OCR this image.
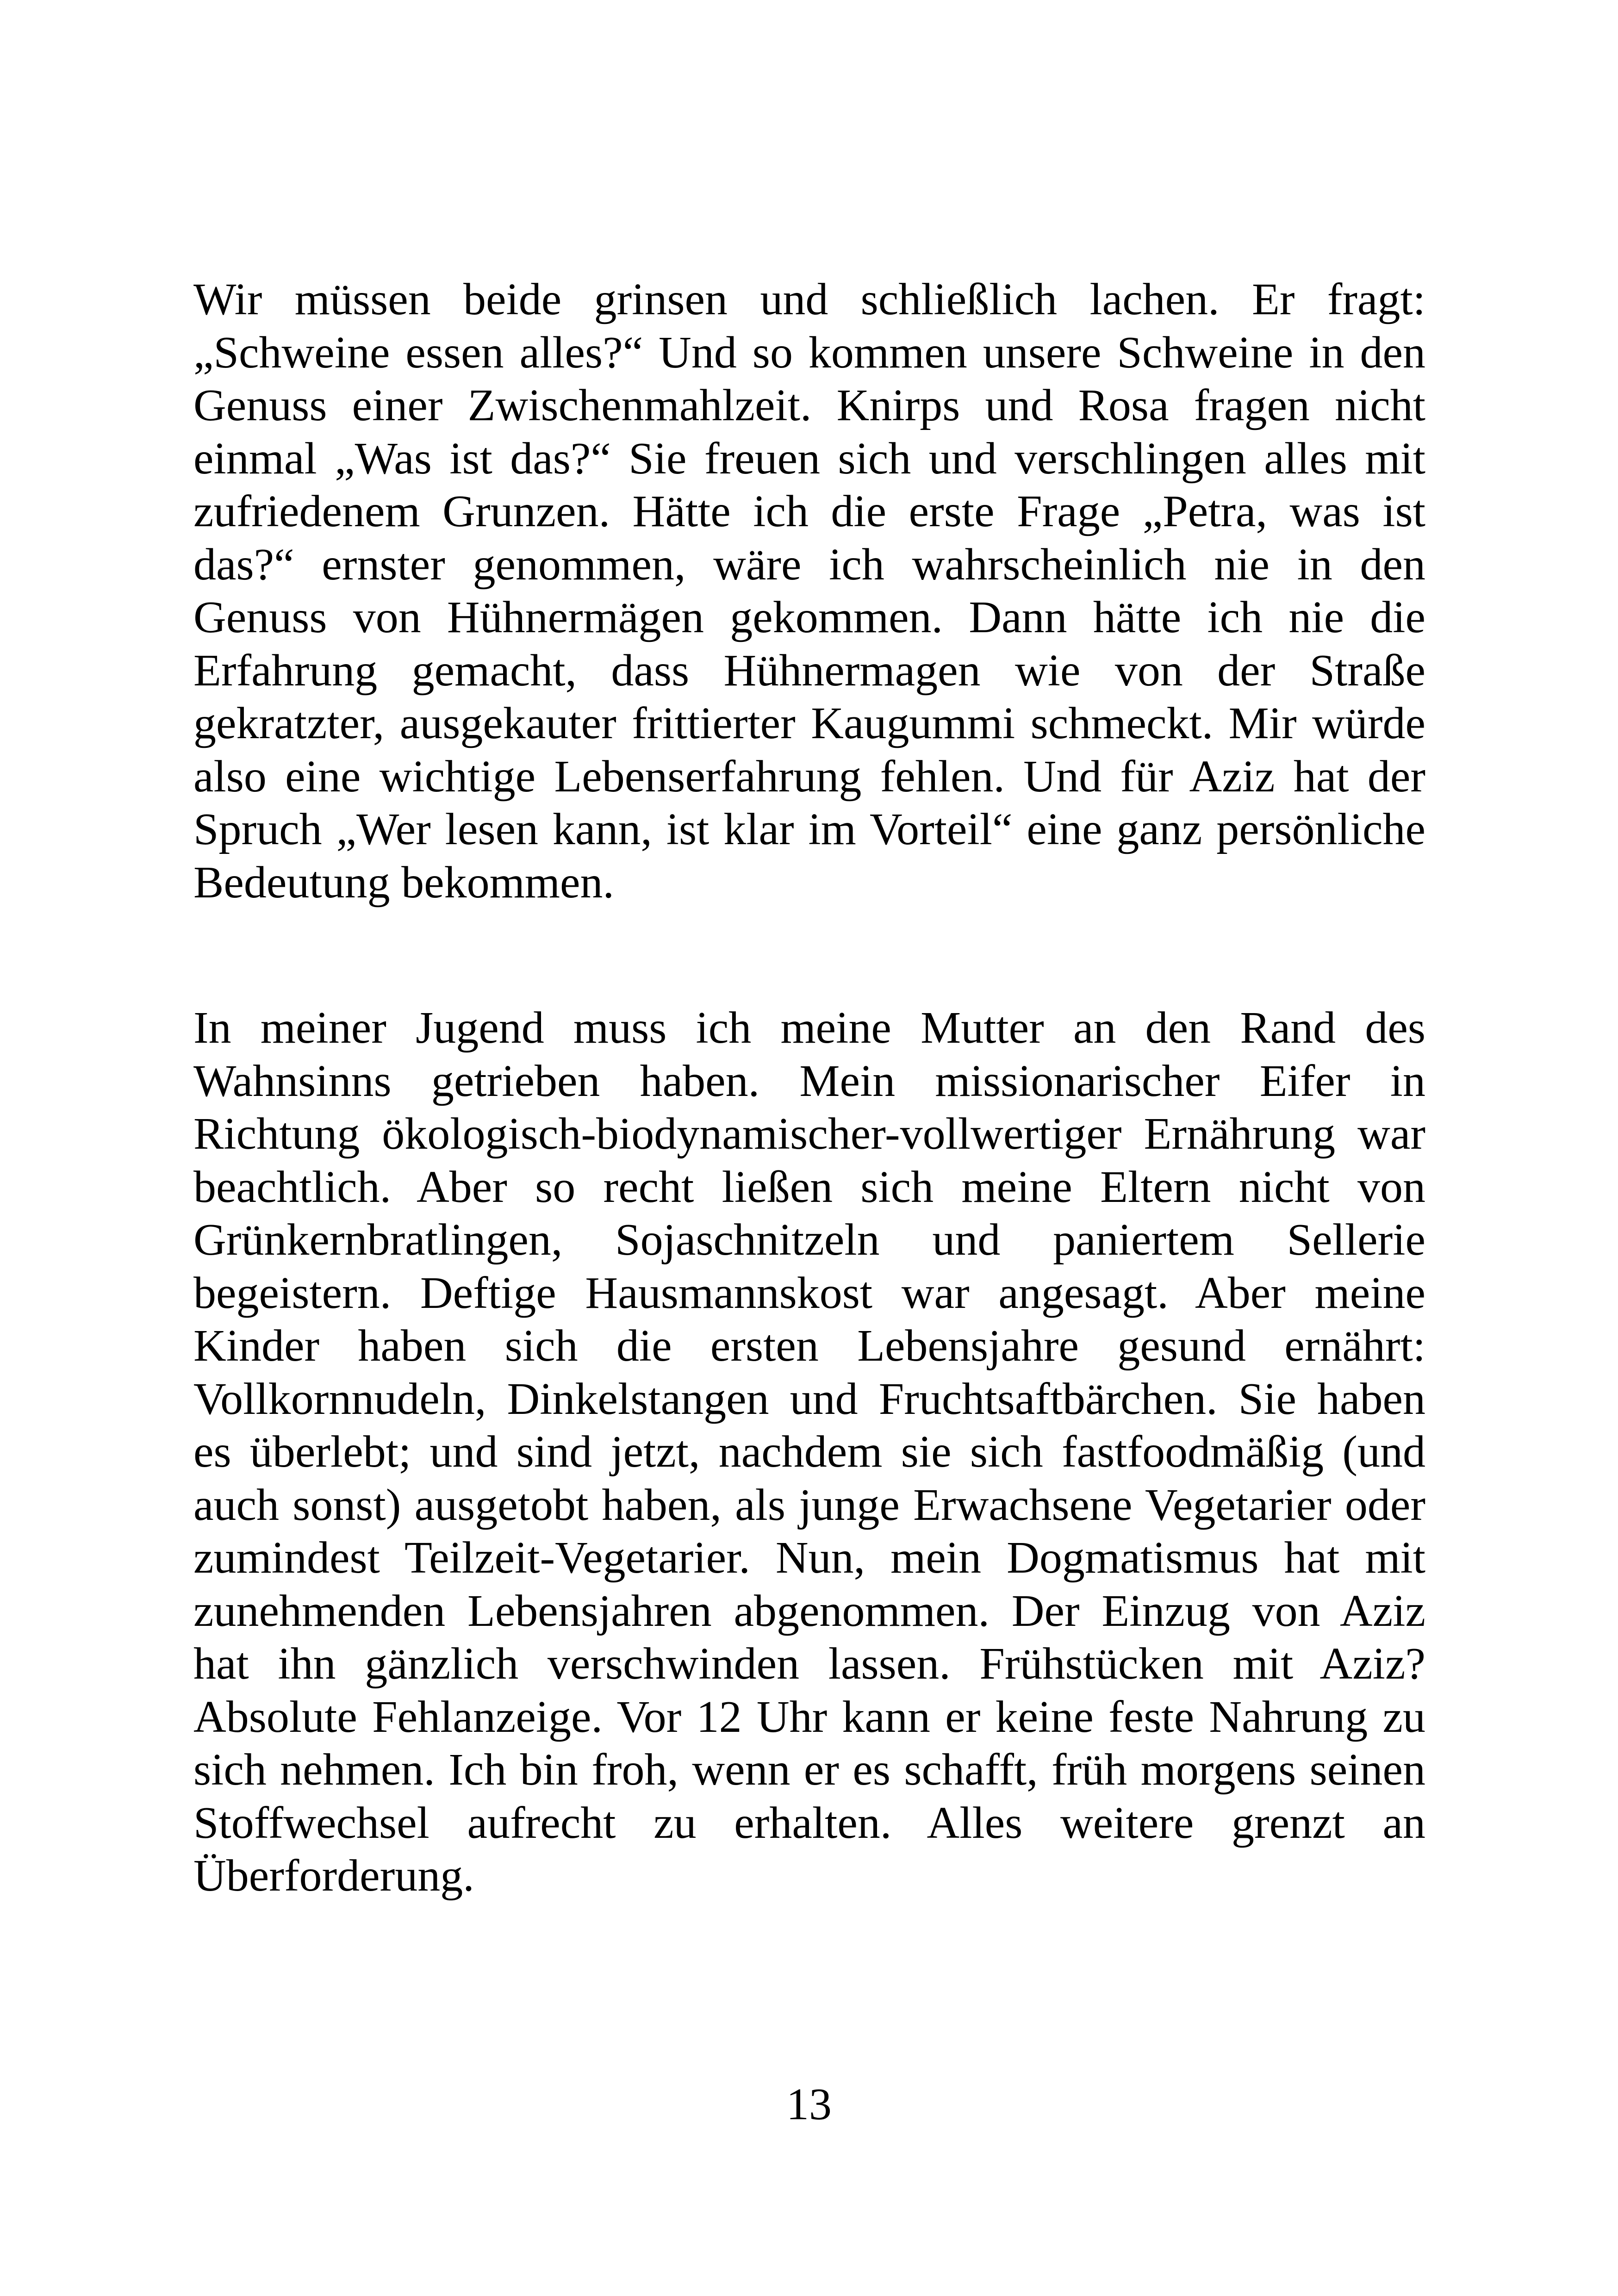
Wir müssen beide grinsen und schließlich lachen. Er fragt: „Schweine essen alles?“ Und so kommen unsere Schweine in den Genuss einer Zwischenmahlzeit. Knirps und Rosa fragen nicht einmal „Was ist das?“ Sie freuen sich und verschlingen alles mit zufriedenem Grunzen. Hätte ich die erste Frage „Petra, was ist das?“ ernster genommen, wäre ich wahrscheinlich nie in den Genuss von Hühnermägen gekommen. Dann hätte ich nie die Erfahrung gemacht, dass Hühnermagen wie von der Straße gekratzter, ausgekauter frittierter Kaugummi schmeckt. Mir würde also eine wichtige Lebenserfahrung fehlen. Und für Aziz hat der Spruch „Wer lesen kann, ist klar im Vorteil“ eine ganz persönliche Bedeutung bekommen.

In meiner Jugend muss ich meine Mutter an den Rand des Wahnsinns getrieben haben. Mein missionarischer Eifer in Richtung ökologisch-biodynamischer-vollwertiger Ernährung war beachtlich. Aber so recht ließen sich meine Eltern nicht von Grünkernbratlingen, Sojaschnitzeln und paniertem Sellerie begeistern. Deftige Hausmannskost war angesagt. Aber meine Kinder haben sich die ersten Lebensjahre gesund ernährt: Vollkornnudeln, Dinkelstangen und Fruchtsaftbärchen. Sie haben es überlebt; und sind jetzt, nachdem sie sich fastfoodmäßig (und auch sonst) ausgetobt haben, als junge Erwachsene Vegetarier oder zumindest Teilzeit-Vegetarier. Nun, mein Dogmatismus hat mit zunehmenden Lebensjahren abgenommen. Der Einzug von Aziz hat ihn gänzlich verschwinden lassen. Frühstücken mit Aziz? Absolute Fehlanzeige. Vor 12 Uhr kann er keine feste Nahrung zu sich nehmen. Ich bin froh, wenn er es schafft, früh morgens seinen Stoffwechsel aufrecht zu erhalten. Alles weitere grenzt an Überforderung.

13
